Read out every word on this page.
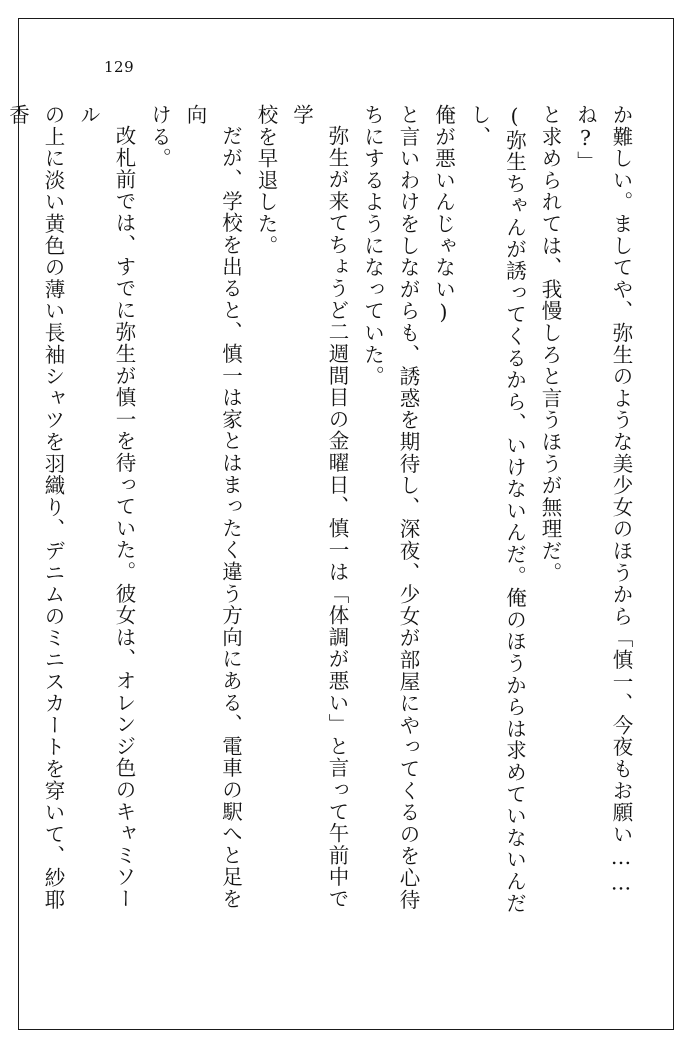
129

か難しい。ましてや、弥生のような美少女のほうから「慎一、今夜もお願い……ね?」

と求められては、我慢しろと言うほうが無理だ。

(弥生ちゃんが誘ってくるから、いけないんだ。俺のほうからは求めていないんだし、

俺が悪いんじゃない)

と言いわけをしながらも、誘惑を期待し、深夜、少女が部屋にやってくるのを心待

ちにするようになっていた。

弥生が来てちょうど二週間目の金曜日、慎一は「体調が悪い」と言って午前中で学

校を早退した。

だが、学校を出ると、慎一は家とはまったく違う方向にある、電車の駅へと足を向

ける。

改札前では、すでに弥生が慎一を待っていた。彼女は、オレンジ色のキャミソール

の上に淡い黄色の薄い長袖シャツを羽織り、デニムのミニスカートを穿いて、紗耶香
